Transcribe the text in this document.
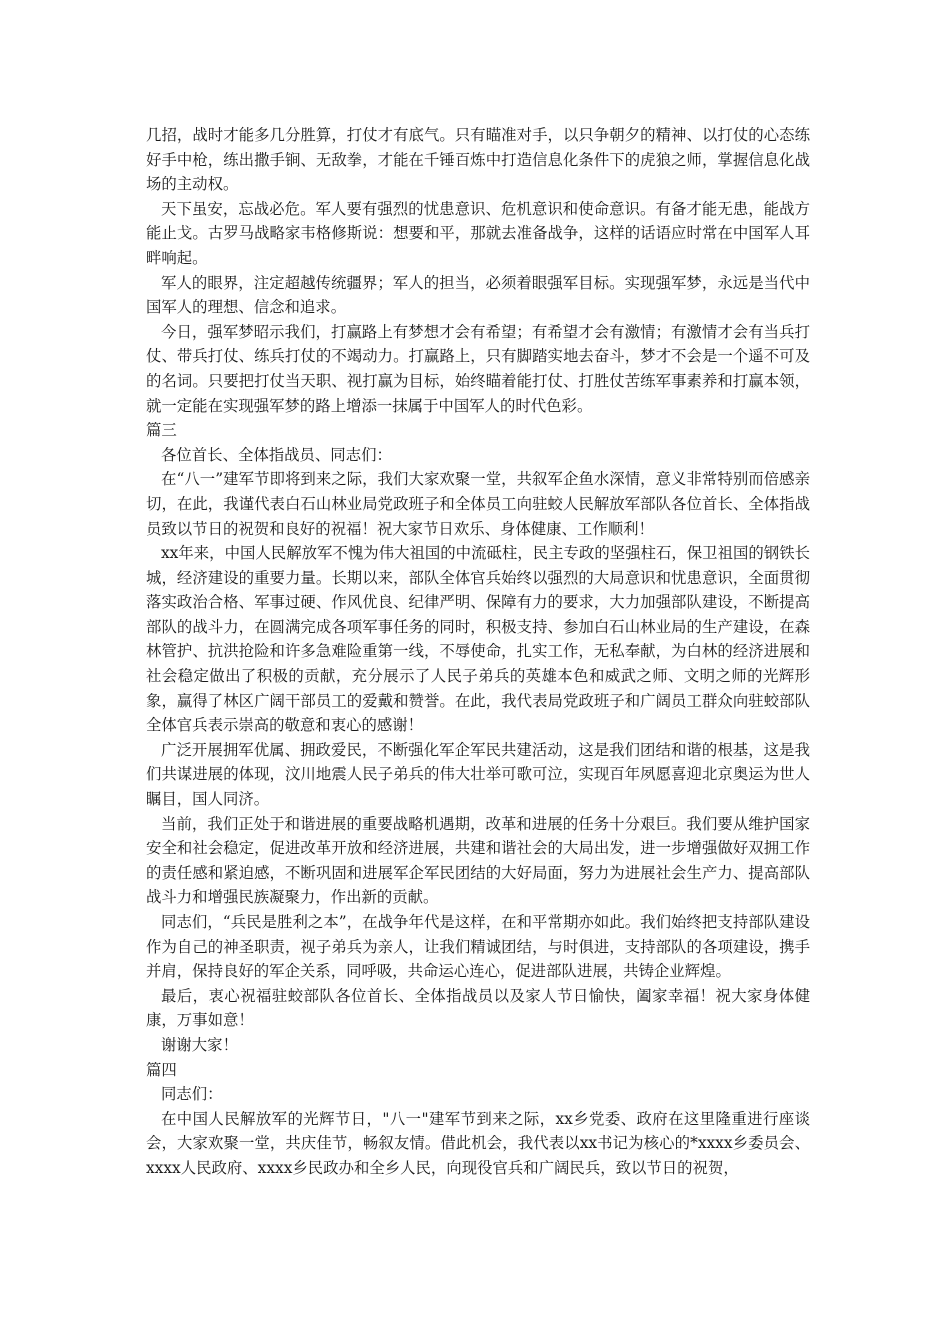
几招，战时才能多几分胜算，打仗才有底气。只有瞄准对手，以只争朝夕的精神、以打仗的心态练好手中枪，练出撒手锏、无敌拳，才能在千锤百炼中打造信息化条件下的虎狼之师，掌握信息化战场的主动权。

天下虽安，忘战必危。军人要有强烈的忧患意识、危机意识和使命意识。有备才能无患，能战方能止戈。古罗马战略家韦格修斯说：想要和平，那就去准备战争，这样的话语应时常在中国军人耳畔响起。

军人的眼界，注定超越传统疆界；军人的担当，必须着眼强军目标。实现强军梦，永远是当代中国军人的理想、信念和追求。

今日，强军梦昭示我们，打赢路上有梦想才会有希望；有希望才会有激情；有激情才会有当兵打仗、带兵打仗、练兵打仗的不竭动力。打赢路上，只有脚踏实地去奋斗，梦才不会是一个遥不可及的名词。只要把打仗当天职、视打赢为目标，始终瞄着能打仗、打胜仗苦练军事素养和打赢本领，就一定能在实现强军梦的路上增添一抹属于中国军人的时代色彩。

篇三

各位首长、全体指战员、同志们：

在“八一”建军节即将到来之际，我们大家欢聚一堂，共叙军企鱼水深情，意义非常特别而倍感亲切，在此，我谨代表白石山林业局党政班子和全体员工向驻蛟人民解放军部队各位首长、全体指战员致以节日的祝贺和良好的祝福！祝大家节日欢乐、身体健康、工作顺利！

xx年来，中国人民解放军不愧为伟大祖国的中流砥柱，民主专政的坚强柱石，保卫祖国的钢铁长城，经济建设的重要力量。长期以来，部队全体官兵始终以强烈的大局意识和忧患意识，全面贯彻落实政治合格、军事过硬、作风优良、纪律严明、保障有力的要求，大力加强部队建设，不断提高部队的战斗力，在圆满完成各项军事任务的同时，积极支持、参加白石山林业局的生产建设，在森林管护、抗洪抢险和许多急难险重第一线，不辱使命，扎实工作，无私奉献，为白林的经济进展和社会稳定做出了积极的贡献，充分展示了人民子弟兵的英雄本色和威武之师、文明之师的光辉形象，赢得了林区广阔干部员工的爱戴和赞誉。在此，我代表局党政班子和广阔员工群众向驻蛟部队全体官兵表示崇高的敬意和衷心的感谢！

广泛开展拥军优属、拥政爱民，不断强化军企军民共建活动，这是我们团结和谐的根基，这是我们共谋进展的体现，汶川地震人民子弟兵的伟大壮举可歌可泣，实现百年夙愿喜迎北京奥运为世人瞩目，国人同济。

当前，我们正处于和谐进展的重要战略机遇期，改革和进展的任务十分艰巨。我们要从维护国家安全和社会稳定，促进改革开放和经济进展，共建和谐社会的大局出发，进一步增强做好双拥工作的责任感和紧迫感，不断巩固和进展军企军民团结的大好局面，努力为进展社会生产力、提高部队战斗力和增强民族凝聚力，作出新的贡献。

同志们，“兵民是胜利之本”，在战争年代是这样，在和平常期亦如此。我们始终把支持部队建设作为自己的神圣职责，视子弟兵为亲人，让我们精诚团结，与时俱进，支持部队的各项建设，携手并肩，保持良好的军企关系，同呼吸，共命运心连心，促进部队进展，共铸企业辉煌。

最后，衷心祝福驻蛟部队各位首长、全体指战员以及家人节日愉快，阖家幸福！祝大家身体健康，万事如意！

谢谢大家！

篇四

同志们：

在中国人民解放军的光辉节日，"八一"建军节到来之际，xx乡党委、政府在这里隆重进行座谈会，大家欢聚一堂，共庆佳节，畅叙友情。借此机会，我代表以xx书记为核心的*xxxx乡委员会、xxxx人民政府、xxxx乡民政办和全乡人民，向现役官兵和广阔民兵，致以节日的祝贺，
